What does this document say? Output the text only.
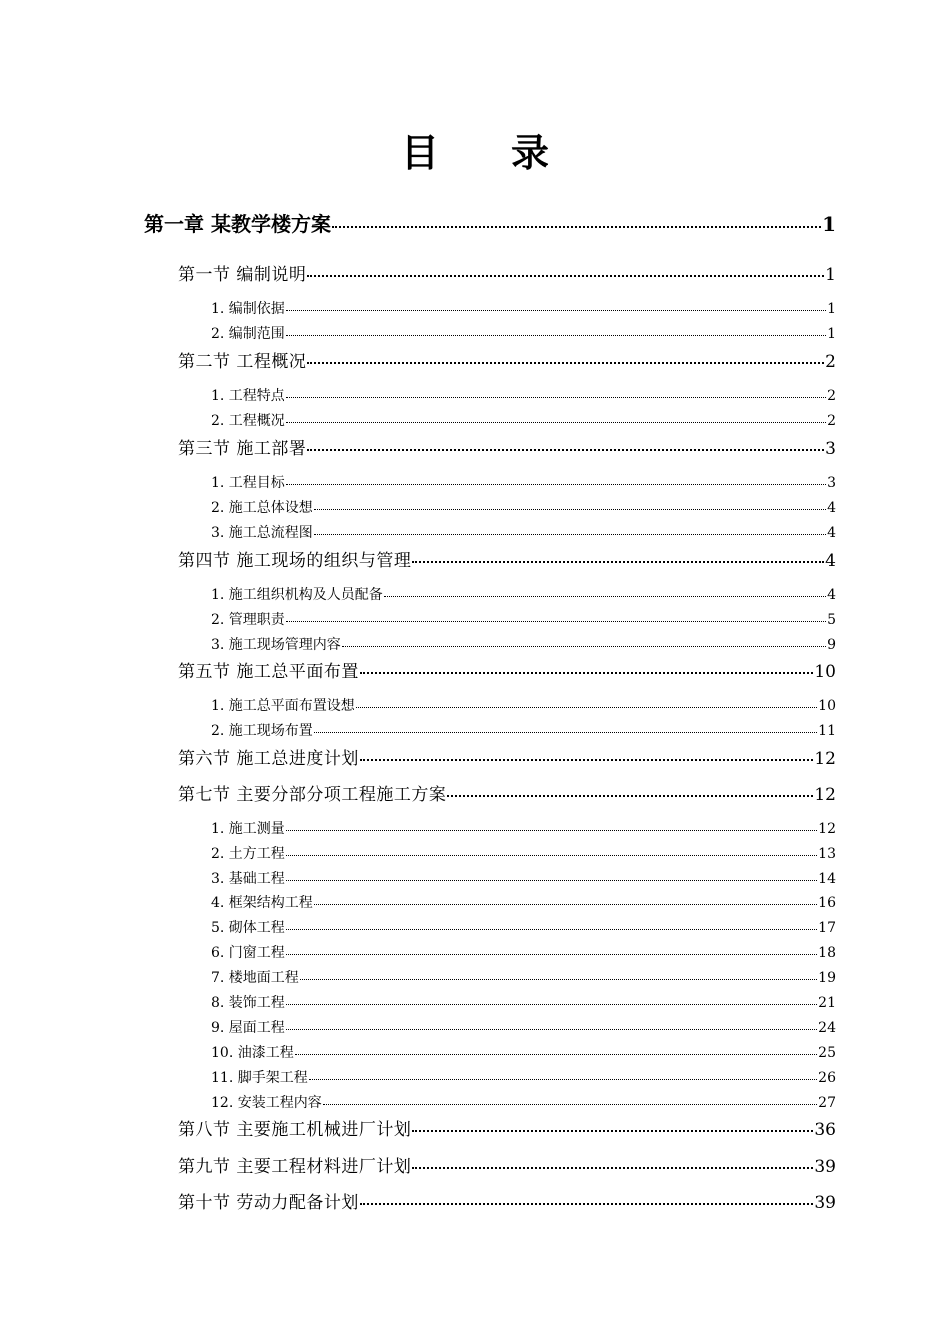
目录
第一章 某教学楼方案	1
第一节 编制说明	1
1. 编制依据	1
2. 编制范围	1
第二节 工程概况	2
1. 工程特点	2
2. 工程概况	2
第三节 施工部署	3
1. 工程目标	3
2. 施工总体设想	4
3. 施工总流程图	4
第四节 施工现场的组织与管理	4
1. 施工组织机构及人员配备	4
2. 管理职责	5
3. 施工现场管理内容	9
第五节 施工总平面布置	10
1. 施工总平面布置设想	10
2. 施工现场布置	11
第六节 施工总进度计划	12
第七节 主要分部分项工程施工方案	12
1. 施工测量	12
2. 土方工程	13
3. 基础工程	14
4. 框架结构工程	16
5. 砌体工程	17
6. 门窗工程	18
7. 楼地面工程	19
8. 装饰工程	21
9. 屋面工程	24
10. 油漆工程	25
11. 脚手架工程	26
12. 安装工程内容	27
第八节 主要施工机械进厂计划	36
第九节 主要工程材料进厂计划	39
第十节 劳动力配备计划	39
